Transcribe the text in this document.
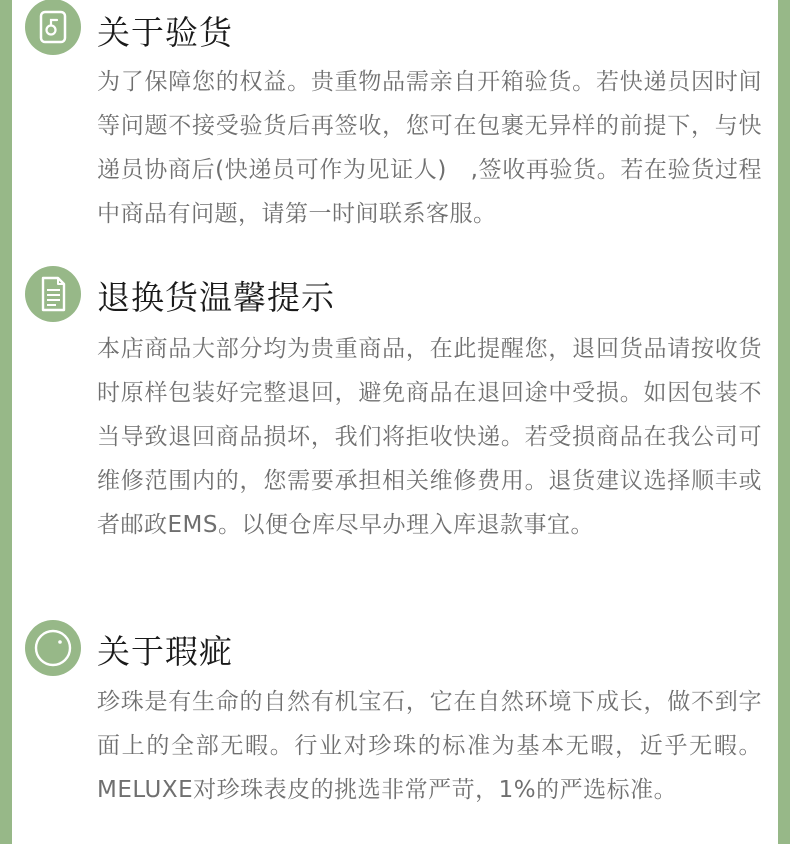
关于验货

为了保障您的权益。贵重物品需亲自开箱验货。若快递员因时间等问题不接受验货后再签收，您可在包裹无异样的前提下，与快递员协商后(快递员可作为见证人)　,签收再验货。若在验货过程中商品有问题，请第一时间联系客服。

退换货温馨提示

本店商品大部分均为贵重商品，在此提醒您，退回货品请按收货时原样包装好完整退回，避免商品在退回途中受损。如因包装不当导致退回商品损坏，我们将拒收快递。若受损商品在我公司可维修范围内的，您需要承担相关维修费用。退货建议选择顺丰或者邮政EMS。以便仓库尽早办理入库退款事宜。

关于瑕疵

珍珠是有生命的自然有机宝石，它在自然环境下成长，做不到字面上的全部无暇。行业对珍珠的标准为基本无暇，近乎无暇。MELUXE对珍珠表皮的挑选非常严苛，1%的严选标准。
